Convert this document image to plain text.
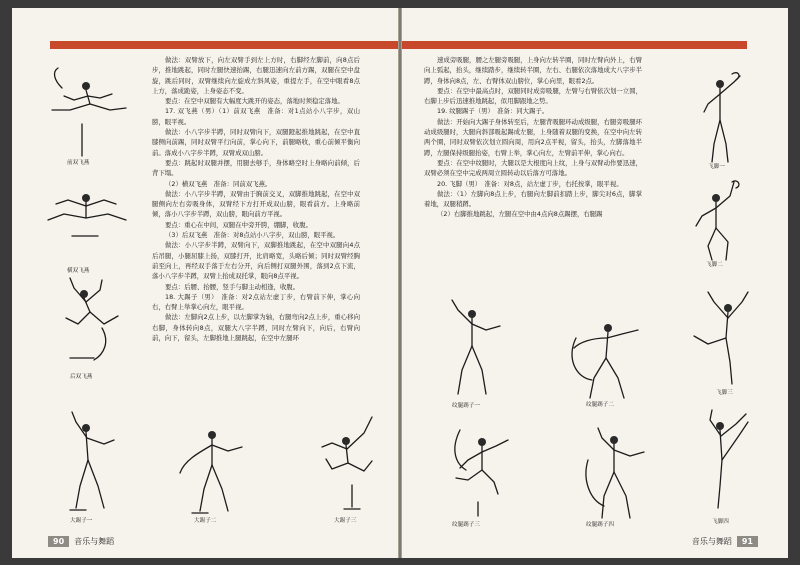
做法：双臂放下，向左双臂手到左上方时，右脚经左脚前，向8点后步，推地跳起，同时左腿快速抬踢，右腿迅速向左前方踢，双腿在空中盘旋，跳后同时，双臂继续向左旋成左斜风姿，重提左手，在空中眼看8点上方，落成跪姿，上身姿态不变。

要点：在空中双腿有大幅度大跳开的姿态，落地时须稳定落地。

17. 双飞燕（男）（1）前双飞燕　准备：对1点站小八字步，双山膀，眼平视。

做法：小八字步半蹲，同时双臂向下，双腿蹬起推地跳起，在空中直膝侧向前踢，同时双臂平行向前，掌心向下，前腿略收，重心前倾平衡向前。落成小八字步半蹲，双臂成双山膀。

要点：跳起时双腿并摆，用腿去够手，身体略空时上身略向前倾，后背下塌。

（2）横双飞燕　准备：同前双飞燕。

做法：小八字步半蹲，双臂由于胸前交叉，双脚推地跳起，在空中双腿侧向左右旁吸身体，双臂经下方打开成双山膀，眼看前方。上身略前倾，落小八字步半蹲，双山膀，眼向前方平视。

要点：重心在中间，双腿在中旁开胯，绷脚，收腹。

（3）后双飞燕　准备：对8点站小八字步，双山膀，眼平视。

做法：小八字步半蹲，双臂向下，双脚推地跳起，在空中双腿向4点后吊腿，小腿屈膝上扬，双膝打开，比肩略宽，头略后倾；同时双臂经胸前至向上，再经双手落于左右分开，向后侧打双腿外围，落到2点下流，落小八字步半蹲，双臂上抬成双托掌，眼向8点平视。

要点：后腰、抬腰，竖手与脚主动相逢，收腹。

18. 大踢子（男）　准备：对2点站左虚丁步，右臂前下伸，掌心向右，右臂上举掌心向左，眼平视。

做法：左脚向2点上步，以左脚掌为轴，右腿弯向2点上步，重心移向右脚，身体转向8点，双腿大八字半蹲，同时左臂向下，向后，右臂向前，向下，留头，左脚推地上腿跳起，在空中左腿环

前双飞燕
横双飞燕
后双飞燕
大踢子一	大踢子二	大踢子三
90	音乐与舞蹈

速成旁吸腿，腰之左腿旁吸腿，上身向左转半圈，同时左臂向外上，右臂向上弧起，抬头，继续踏步，继续转半圈，左右、右腿依次落地成大八字步半蹲，身体向8点，左、右臂体双山膀位，掌心向里，眼看2点。

要点：在空中最高点时，双腿同时成旁吸腿，左臂与右臂依次划一立圆，右脚上步后迅速推地跳起，似用脚跟地之势。

19. 纹腿踢子（男）　准备：同大踢子。

做法：开始向大踢子身体转至后，左腿背吸腿环动成级腿，右腿旁吸腿环动成级腿时，大腿向斜部吸起踢成左腿，上身随着双腿的变换，在空中向左转两个圈，同时双臂依次划立圆向周，用向2点平视，留头，抬头，左脚落地半蹲，左腿保持级腿抬姿，右臂上举，掌心向左，左臂前平伸，掌心向右。

要点：在空中纹腿时，大腿以是大根度向上纹，上身与双臂动作要迅速，双臂必须在空中完成两周立圆转动以后落方可落地。

20. 飞脚（男）　准备：对8点，站左虚丁步，右托按掌，眼平视。

做法：（1）左脚向8点上步，右腿向左脚前扣踏上步，脚尖对6点，脚掌着地，双腿稍蹲。

（2）右脚推地跳起，左腿在空中由4点向8点踢摆，右腿踢

飞脚一
飞脚二
飞脚三
飞脚四
纹腿踢子一	纹腿踢子二
纹腿踢子三	纹腿踢子四
音乐与舞蹈	91
